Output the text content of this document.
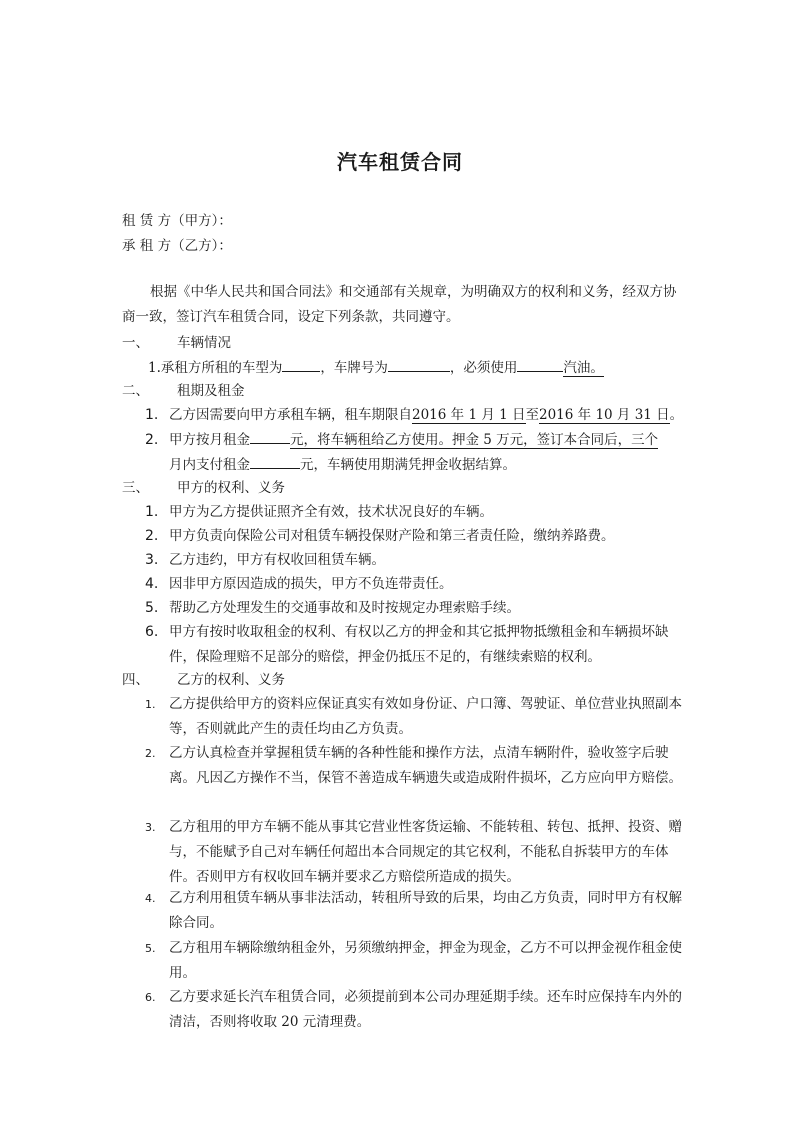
汽车租赁合同
租 赁 方（甲方）：
承 租 方（乙方）：
根据《中华人民共和国合同法》和交通部有关规章，为明确双方的权利和义务，经双方协商一致，签订汽车租赁合同，设定下列条款，共同遵守。
一、 车辆情况
1.承租方所租的车型为	，车牌号为	，必须使用	汽油。
二、 租期及租金
1. 乙方因需要向甲方承租车辆，租车期限自2016 年 1 月 1 日至2016 年 10 月 31 日。
2. 甲方按月租金	元，将车辆租给乙方使用。押金 5 万元，签订本合同后，三个
月内支付租金	元，车辆使用期满凭押金收据结算。
三、 甲方的权利、义务
1. 甲方为乙方提供证照齐全有效，技术状况良好的车辆。
2. 甲方负责向保险公司对租赁车辆投保财产险和第三者责任险，缴纳养路费。
3. 乙方违约，甲方有权收回租赁车辆。
4. 因非甲方原因造成的损失，甲方不负连带责任。
5. 帮助乙方处理发生的交通事故和及时按规定办理索赔手续。
6. 甲方有按时收取租金的权利、有权以乙方的押金和其它抵押物抵缴租金和车辆损坏缺件，保险理赔不足部分的赔偿，押金仍抵压不足的，有继续索赔的权利。
四、 乙方的权利、义务
1. 乙方提供给甲方的资料应保证真实有效如身份证、户口簿、驾驶证、单位营业执照副本等，否则就此产生的责任均由乙方负责。
2. 乙方认真检查并掌握租赁车辆的各种性能和操作方法，点清车辆附件，验收签字后驶离。凡因乙方操作不当，保管不善造成车辆遗失或造成附件损坏，乙方应向甲方赔偿。
3. 乙方租用的甲方车辆不能从事其它营业性客货运输、不能转租、转包、抵押、投资、赠与，不能赋予自己对车辆任何超出本合同规定的其它权利，不能私自拆装甲方的车体件。否则甲方有权收回车辆并要求乙方赔偿所造成的损失。
4. 乙方利用租赁车辆从事非法活动，转租所导致的后果，均由乙方负责，同时甲方有权解除合同。
5. 乙方租用车辆除缴纳租金外，另须缴纳押金，押金为现金，乙方不可以押金视作租金使用。
6. 乙方要求延长汽车租赁合同，必须提前到本公司办理延期手续。还车时应保持车内外的清洁，否则将收取 20 元清理费。
